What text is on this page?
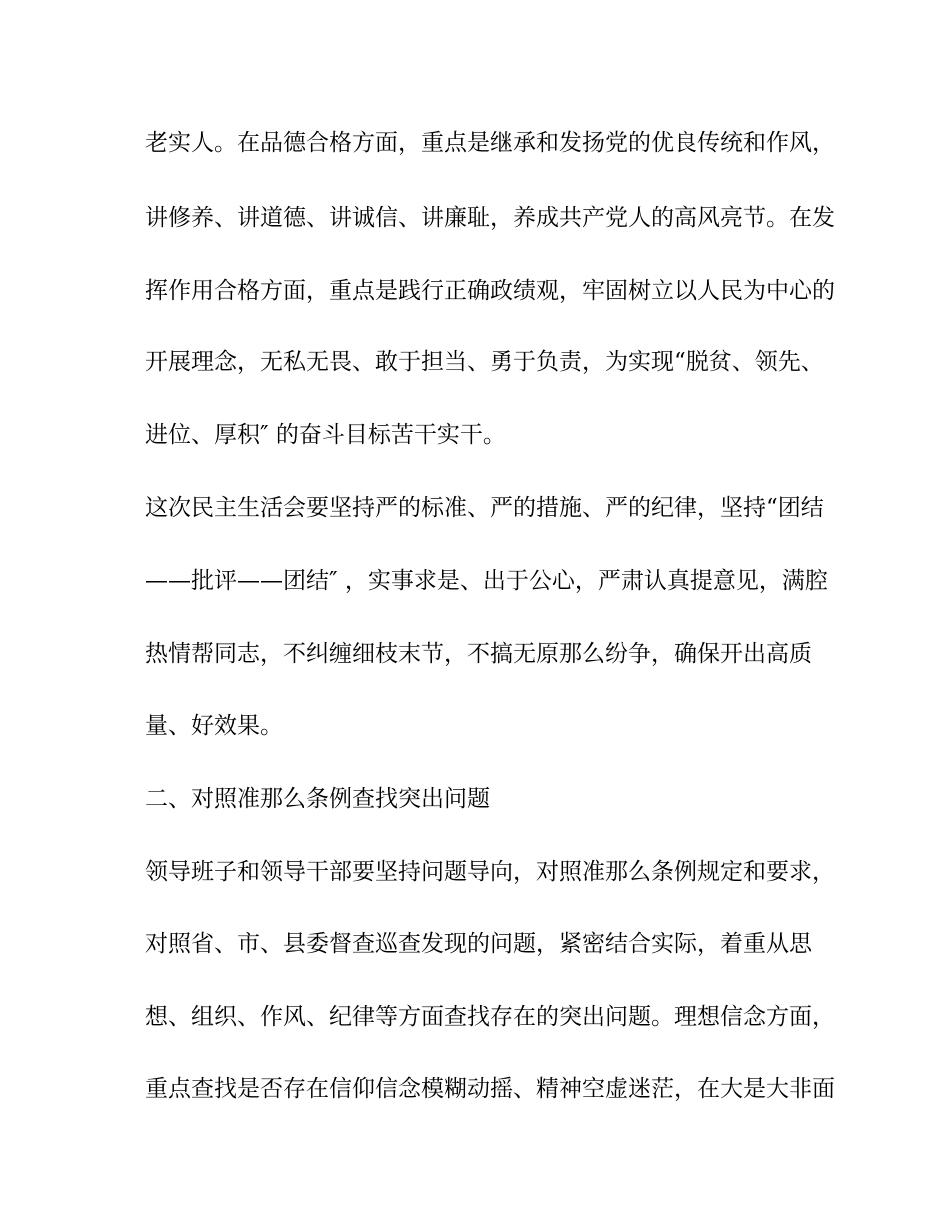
老实人。在品德合格方面，重点是继承和发扬党的优良传统和作风，
讲修养、讲道德、讲诚信、讲廉耻，养成共产党人的高风亮节。在发
挥作用合格方面，重点是践行正确政绩观，牢固树立以人民为中心的
开展理念，无私无畏、敢于担当、勇于负责，为实现“脱贫、领先、
进位、厚积″ 的奋斗目标苦干实干。
这次民主生活会要坚持严的标准、严的措施、严的纪律，坚持“团结
——批评——团结″ ，实事求是、出于公心，严肃认真提意见，满腔
热情帮同志，不纠缠细枝末节，不搞无原那么纷争，确保开出高质
量、好效果。
二、对照准那么条例查找突出问题
领导班子和领导干部要坚持问题导向，对照准那么条例规定和要求，
对照省、市、县委督查巡查发现的问题，紧密结合实际，着重从思
想、组织、作风、纪律等方面查找存在的突出问题。理想信念方面，
重点查找是否存在信仰信念模糊动摇、精神空虚迷茫，在大是大非面
